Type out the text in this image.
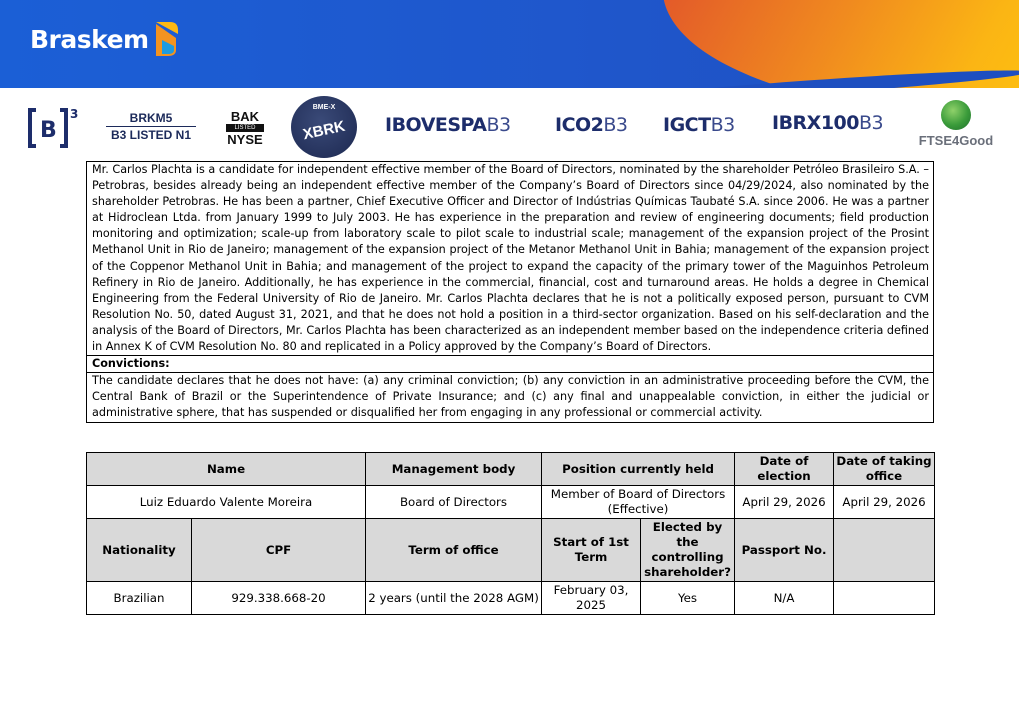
Braskem
B
3	BRKM5
B3 LISTED N1
BAK
LISTED
NYSE
BME-X
XBRK	IBOVESPAB3 ICO2B3 IGCTB3 IBRX100B3
FTSE4Good
Mr. Carlos Plachta is a candidate for independent effective member of the Board of Directors, nominated by the shareholder Petróleo Brasileiro S.A. – Petrobras, besides already being an independent effective member of the Company’s Board of Directors since 04/29/2024, also nominated by the shareholder Petrobras. He has been a partner, Chief Executive Officer and Director of Indústrias Químicas Taubaté S.A. since 2006. He was a partner at Hidroclean Ltda. from January 1999 to July 2003. He has experience in the preparation and review of engineering documents; field production monitoring and optimization; scale-up from laboratory scale to pilot scale to industrial scale; management of the expansion project of the Prosint Methanol Unit in Rio de Janeiro; management of the expansion project of the Metanor Methanol Unit in Bahia; management of the expansion project of the Coppenor Methanol Unit in Bahia; and management of the project to expand the capacity of the primary tower of the Maguinhos Petroleum Refinery in Rio de Janeiro. Additionally, he has experience in the commercial, financial, cost and turnaround areas. He holds a degree in Chemical Engineering from the Federal University of Rio de Janeiro. Mr. Carlos Plachta declares that he is not a politically exposed person, pursuant to CVM Resolution No. 50, dated August 31, 2021, and that he does not hold a position in a third-sector organization. Based on his self-declaration and the analysis of the Board of Directors, Mr. Carlos Plachta has been characterized as an independent member based on the independence criteria defined in Annex K of CVM Resolution No. 80 and replicated in a Policy approved by the Company’s Board of Directors.
Convictions:
The candidate declares that he does not have: (a) any criminal conviction; (b) any conviction in an administrative proceeding before the CVM, the Central Bank of Brazil or the Superintendence of Private Insurance; and (c) any final and unappealable conviction, in either the judicial or administrative sphere, that has suspended or disqualified her from engaging in any professional or commercial activity.
Name		Management body	Position currently held		Date of election	Date of taking office
Luiz Eduardo Valente Moreira		Board of Directors	Member of Board of Directors (Effective)		April 29, 2026	April 29, 2026
Nationality	CPF	Term of office	Start of 1st Term	Elected by the controlling shareholder?	Passport No.	
Brazilian	929.338.668-20	2 years (until the 2028 AGM)	February 03, 2025	Yes	N/A	
